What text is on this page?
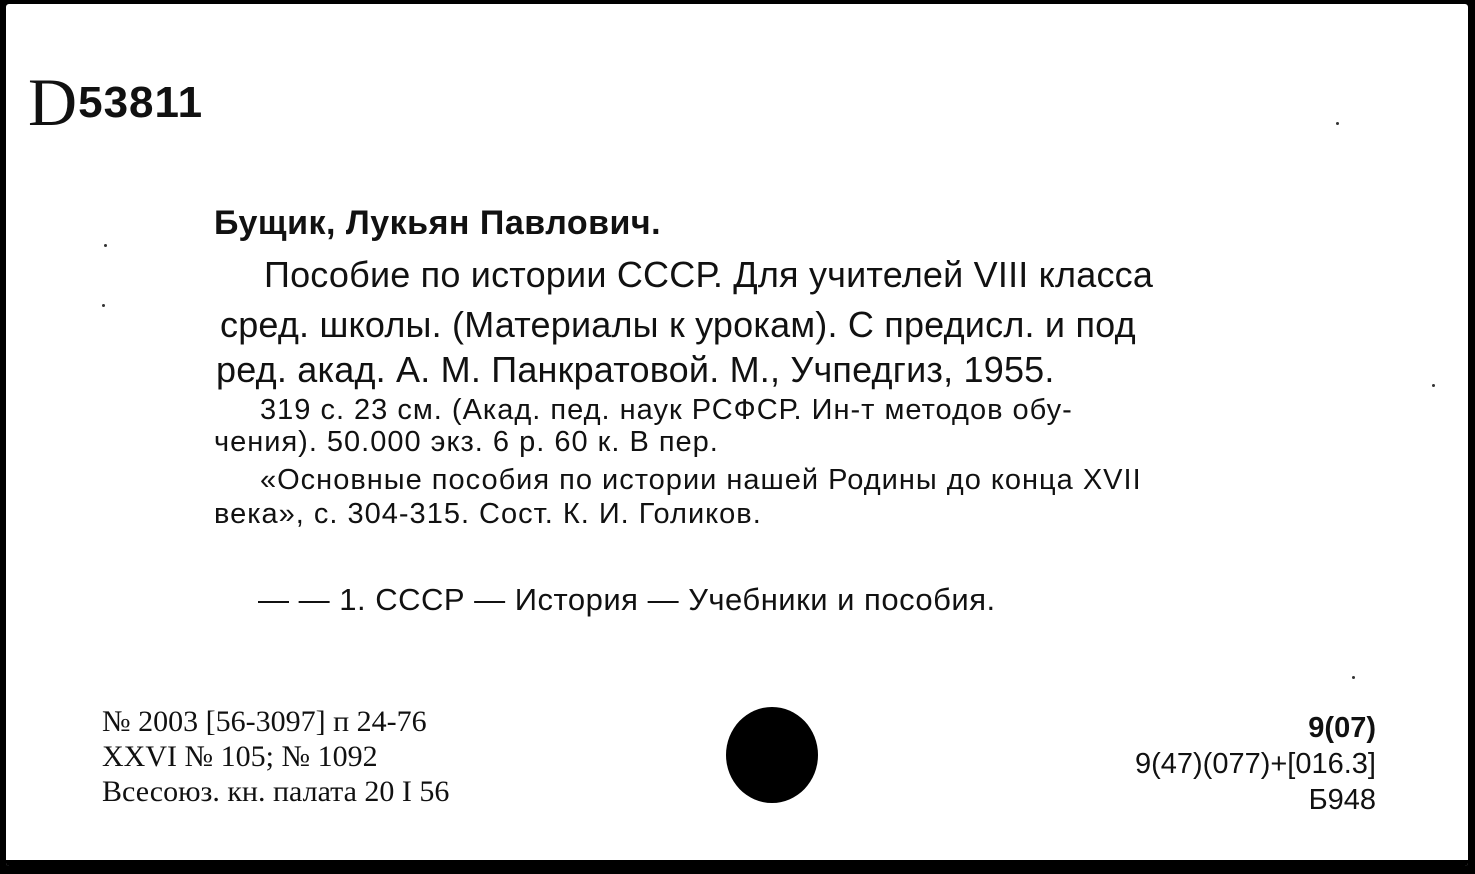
D53811
Бущик, Лукьян Павлович.
Пособие по истории СССР. Для учителей VIII класса
сред. школы. (Материалы к урокам). С предисл. и под
ред. акад. А. М. Панкратовой. М., Учпедгиз, 1955.
319 с. 23 см. (Акад. пед. наук РСФСР. Ин-т методов обу-
чения). 50.000 экз. 6 р. 60 к. В пер.
«Основные пособия по истории нашей Родины до конца XVII
века», с. 304-315. Сост. К. И. Голиков.
— — 1. СССР — История — Учебники и пособия.
№ 2003 [56-3097] п 24-76
XXVI № 105; № 1092
Всесоюз. кн. палата 20 I 56
9(07)
9(47)(077)+[016.3]
Б948
